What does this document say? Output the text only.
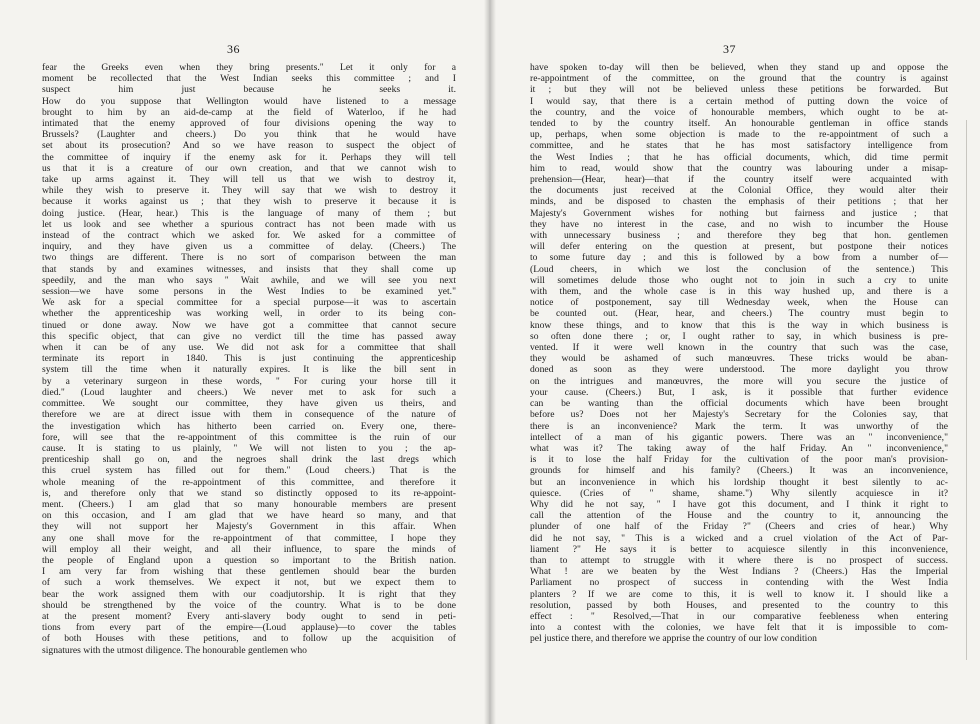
36
fear the Greeks even when they bring presents." Let it only for a
moment be recollected that the West Indian seeks this committee ; and I
suspect him just because he seeks it.
How do you suppose that Wellington would have listened to a message
brought to him by an aid-de-camp at the field of Waterloo, if he had
intimated that the enemy approved of four divisions opening the way to
Brussels? (Laughter and cheers.) Do you think that he would have
set about its prosecution? And so we have reason to suspect the object of
the committee of inquiry if the enemy ask for it. Perhaps they will tell
us that it is a creature of our own creation, and that we cannot wish to
take up arms against it. They will tell us that we wish to destroy it,
while they wish to preserve it. They will say that we wish to destroy it
because it works against us ; that they wish to preserve it because it is
doing justice. (Hear, hear.) This is the language of many of them ; but
let us look and see whether a spurious contract has not been made with us
instead of the contract which we asked for. We asked for a committee of
inquiry, and they have given us a committee of delay. (Cheers.) The
two things are different. There is no sort of comparison between the man
that stands by and examines witnesses, and insists that they shall come up
speedily, and the man who says " Wait awhile, and we will see you next
session—we have some persons in the West Indies to be examined yet."
We ask for a special committee for a special purpose—it was to ascertain
whether the apprenticeship was working well, in order to its being con-
tinued or done away. Now we have got a committee that cannot secure
this specific object, that can give no verdict till the time has passed away
when it can be of any use. We did not ask for a committee that shall
terminate its report in 1840. This is just continuing the apprenticeship
system till the time when it naturally expires. It is like the bill sent in
by a veterinary surgeon in these words, " For curing your horse till it
died." (Loud laughter and cheers.) We never met to ask for such a
committee. We sought our committee, they have given us theirs, and
therefore we are at direct issue with them in consequence of the nature of
the investigation which has hitherto been carried on. Every one, there-
fore, will see that the re-appointment of this committee is the ruin of our
cause. It is stating to us plainly, " We will not listen to you ; the ap-
prenticeship shall go on, and the negroes shall drink the last dregs which
this cruel system has filled out for them." (Loud cheers.) That is the
whole meaning of the re-appointment of this committee, and therefore it
is, and therefore only that we stand so distinctly opposed to its re-appoint-
ment. (Cheers.) I am glad that so many honourable members are present
on this occasion, and I am glad that we have heard so many, and that
they will not support her Majesty's Government in this affair. When
any one shall move for the re-appointment of that committee, I hope they
will employ all their weight, and all their influence, to spare the minds of
the people of England upon a question so important to the British nation.
I am very far from wishing that these gentlemen should bear the burden
of such a work themselves. We expect it not, but we expect them to
bear the work assigned them with our coadjutorship. It is right that they
should be strengthened by the voice of the country. What is to be done
at the present moment? Every anti-slavery body ought to send in peti-
tions from every part of the empire—(Loud applause)—to cover the tables
of both Houses with these petitions, and to follow up the acquisition of
signatures with the utmost diligence. The honourable gentlemen who
37
have spoken to-day will then be believed, when they stand up and oppose the
re-appointment of the committee, on the ground that the country is against
it ; but they will not be believed unless these petitions be forwarded. But
I would say, that there is a certain method of putting down the voice of
the country, and the voice of honourable members, which ought to be at-
tended to by the country itself. An honourable gentleman in office stands
up, perhaps, when some objection is made to the re-appointment of such a
committee, and he states that he has most satisfactory intelligence from
the West Indies ; that he has official documents, which, did time permit
him to read, would show that the country was labouring under a misap-
prehension—(Hear, hear)—that if the country itself were acquainted with
the documents just received at the Colonial Office, they would alter their
minds, and be disposed to chasten the emphasis of their petitions ; that her
Majesty's Government wishes for nothing but fairness and justice ; that
they have no interest in the case, and no wish to incumber the House
with unnecessary business ; and therefore they beg that hon. gentlemen
will defer entering on the question at present, but postpone their notices
to some future day ; and this is followed by a bow from a number of—
(Loud cheers, in which we lost the conclusion of the sentence.) This
will sometimes delude those who ought not to join in such a cry to unite
with them, and the whole case is in this way hushed up, and there is a
notice of postponement, say till Wednesday week, when the House can
be counted out. (Hear, hear, and cheers.) The country must begin to
know these things, and to know that this is the way in which business is
so often done there ; or, I ought rather to say, in which business is pre-
vented. If it were well known in the country that such was the case,
they would be ashamed of such manœuvres. These tricks would be aban-
doned as soon as they were understood. The more daylight you throw
on the intrigues and manœuvres, the more will you secure the justice of
your cause. (Cheers.) But, I ask, is it possible that further evidence
can be wanting than the official documents which have been brought
before us? Does not her Majesty's Secretary for the Colonies say, that
there is an inconvenience? Mark the term. It was unworthy of the
intellect of a man of his gigantic powers. There was an " inconvenience,"
what was it? The taking away of the half Friday. An " inconvenience,"
is it to lose the half Friday for the cultivation of the poor man's provision-
grounds for himself and his family? (Cheers.) It was an inconvenience,
but an inconvenience in which his lordship thought it best silently to ac-
quiesce. (Cries of " shame, shame.") Why silently acquiesce in it?
Why did he not say, " I have got this document, and I think it right to
call the attention of the House and the country to it, announcing the
plunder of one half of the Friday ?" (Cheers and cries of hear.) Why
did he not say, " This is a wicked and a cruel violation of the Act of Par-
liament ?" He says it is better to acquiesce silently in this inconvenience,
than to attempt to struggle with it where there is no prospect of success.
What ! are we beaten by the West Indians ? (Cheers.) Has the Imperial
Parliament no prospect of success in contending with the West India
planters ? If we are come to this, it is well to know it. I should like a
resolution, passed by both Houses, and presented to the country to this
effect : " Resolved,—That in our comparative feebleness when entering
into a contest with the colonies, we have felt that it is impossible to com-
pel justice there, and therefore we apprise the country of our low condition
